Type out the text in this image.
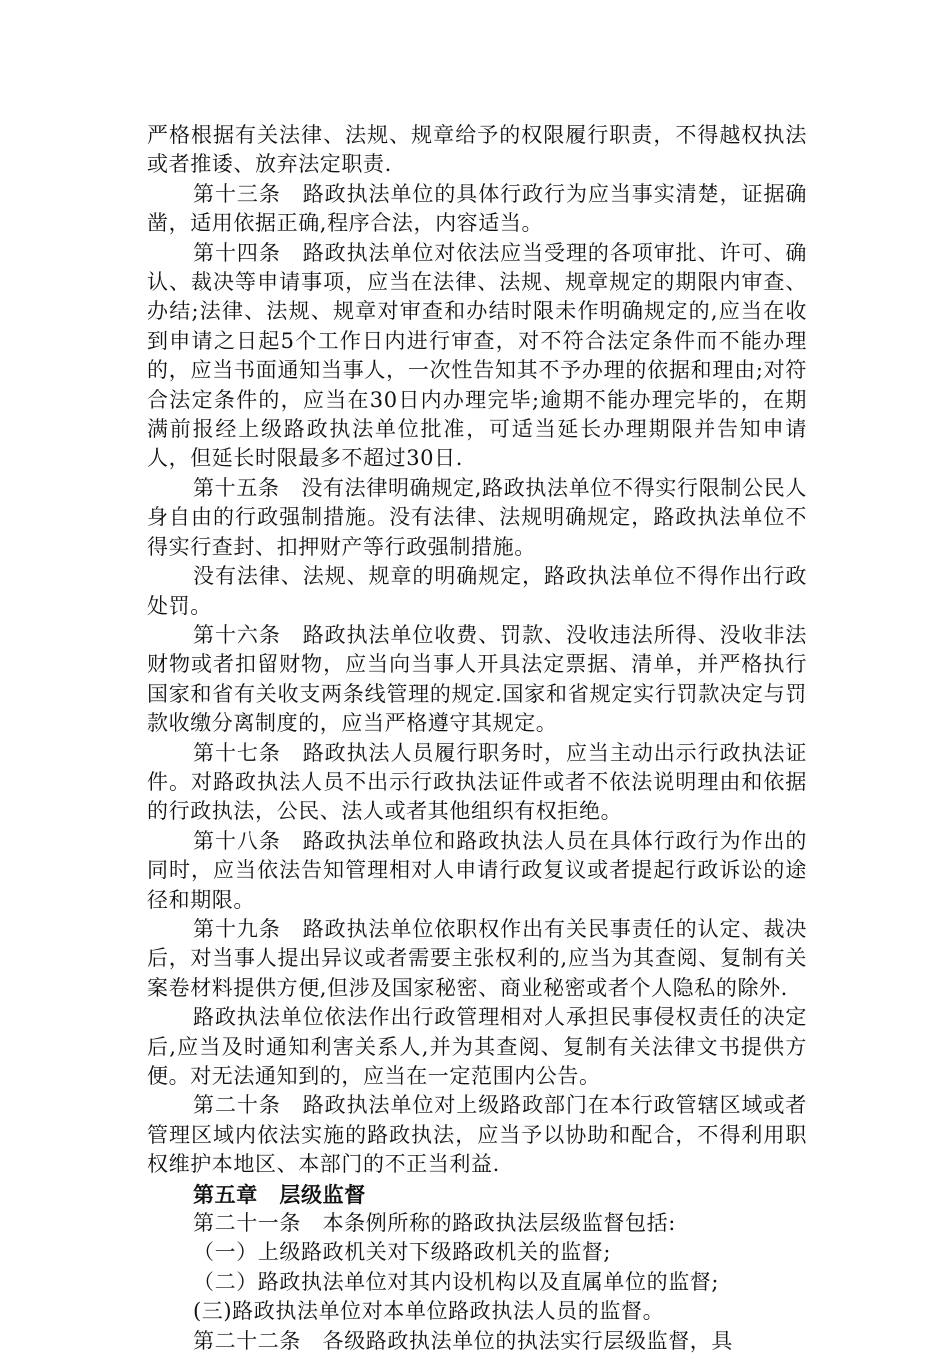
严格根据有关法律、法规、规章给予的权限履行职责，不得越权执法或者推诿、放弃法定职责.

第十三条　路政执法单位的具体行政行为应当事实清楚，证据确凿，适用依据正确,程序合法，内容适当。

第十四条　路政执法单位对依法应当受理的各项审批、许可、确认、裁决等申请事项，应当在法律、法规、规章规定的期限内审查、办结;法律、法规、规章对审查和办结时限未作明确规定的,应当在收到申请之日起5个工作日内进行审查，对不符合法定条件而不能办理的，应当书面通知当事人，一次性告知其不予办理的依据和理由;对符合法定条件的，应当在30日内办理完毕;逾期不能办理完毕的，在期满前报经上级路政执法单位批准，可适当延长办理期限并告知申请人，但延长时限最多不超过30日.

第十五条　没有法律明确规定,路政执法单位不得实行限制公民人身自由的行政强制措施。没有法律、法规明确规定，路政执法单位不得实行查封、扣押财产等行政强制措施。

没有法律、法规、规章的明确规定，路政执法单位不得作出行政处罚。

第十六条　路政执法单位收费、罚款、没收违法所得、没收非法财物或者扣留财物，应当向当事人开具法定票据、清单，并严格执行国家和省有关收支两条线管理的规定.国家和省规定实行罚款决定与罚款收缴分离制度的，应当严格遵守其规定。

第十七条　路政执法人员履行职务时，应当主动出示行政执法证件。对路政执法人员不出示行政执法证件或者不依法说明理由和依据的行政执法，公民、法人或者其他组织有权拒绝。

第十八条　路政执法单位和路政执法人员在具体行政行为作出的同时，应当依法告知管理相对人申请行政复议或者提起行政诉讼的途径和期限。

第十九条　路政执法单位依职权作出有关民事责任的认定、裁决后，对当事人提出异议或者需要主张权利的,应当为其查阅、复制有关案卷材料提供方便,但涉及国家秘密、商业秘密或者个人隐私的除外.

路政执法单位依法作出行政管理相对人承担民事侵权责任的决定后,应当及时通知利害关系人,并为其查阅、复制有关法律文书提供方便。对无法通知到的，应当在一定范围内公告。

第二十条　路政执法单位对上级路政部门在本行政管辖区域或者管理区域内依法实施的路政执法，应当予以协助和配合，不得利用职权维护本地区、本部门的不正当利益.

第五章　层级监督

第二十一条　本条例所称的路政执法层级监督包括:

（一）上级路政机关对下级路政机关的监督;

（二）路政执法单位对其内设机构以及直属单位的监督;

(三)路政执法单位对本单位路政执法人员的监督。

第二十二条　各级路政执法单位的执法实行层级监督，具
